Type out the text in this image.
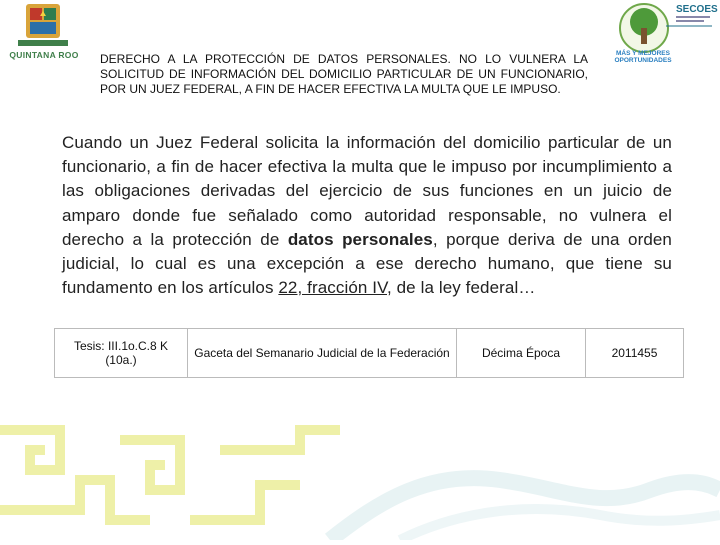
QUINTANA ROO
SECOES
MÁS Y MEJORES OPORTUNIDADES
DERECHO A LA PROTECCIÓN DE DATOS PERSONALES. NO LO VULNERA LA SOLICITUD DE INFORMACIÓN DEL DOMICILIO PARTICULAR DE UN FUNCIONARIO, POR UN JUEZ FEDERAL, A FIN DE HACER EFECTIVA LA MULTA QUE LE IMPUSO.
Cuando un Juez Federal solicita la información del domicilio particular de un funcionario, a fin de hacer efectiva la multa que le impuso por incumplimiento a las obligaciones derivadas del ejercicio de sus funciones en un juicio de amparo donde fue señalado como autoridad responsable, no vulnera el derecho a la protección de datos personales, porque deriva de una orden judicial, lo cual es una excepción a ese derecho humano, que tiene su fundamento en los artículos 22, fracción IV, de la ley federal…
Tesis: III.1o.C.8 K (10a.)	Gaceta del Semanario Judicial de la Federación	Décima Época	2011455
